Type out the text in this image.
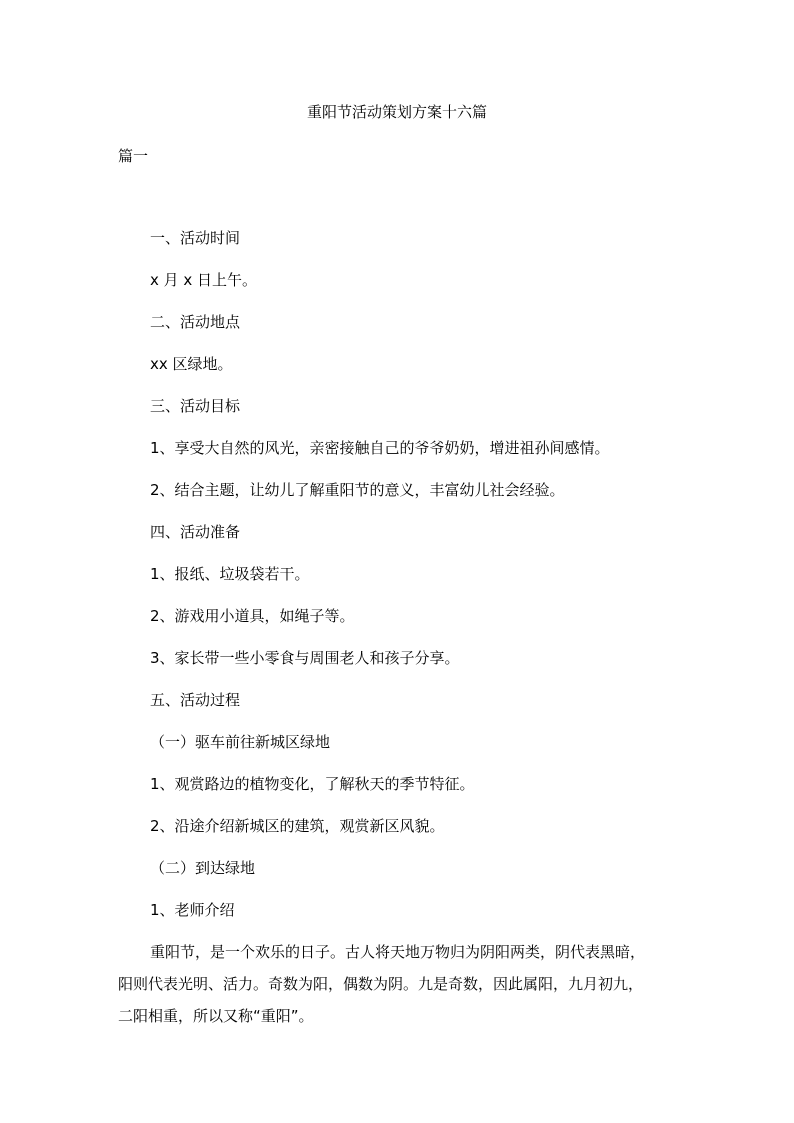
重阳节活动策划方案十六篇
篇一
一、活动时间
x 月 x 日上午。
二、活动地点
xx 区绿地。
三、活动目标
1、享受大自然的风光，亲密接触自己的爷爷奶奶，增进祖孙间感情。
2、结合主题，让幼儿了解重阳节的意义，丰富幼儿社会经验。
四、活动准备
1、报纸、垃圾袋若干。
2、游戏用小道具，如绳子等。
3、家长带一些小零食与周围老人和孩子分享。
五、活动过程
（一）驱车前往新城区绿地
1、观赏路边的植物变化，了解秋天的季节特征。
2、沿途介绍新城区的建筑，观赏新区风貌。
（二）到达绿地
1、老师介绍
重阳节，是一个欢乐的日子。古人将天地万物归为阴阳两类，阴代表黑暗，
阳则代表光明、活力。奇数为阳，偶数为阴。九是奇数，因此属阳，九月初九，
二阳相重，所以又称“重阳”。
